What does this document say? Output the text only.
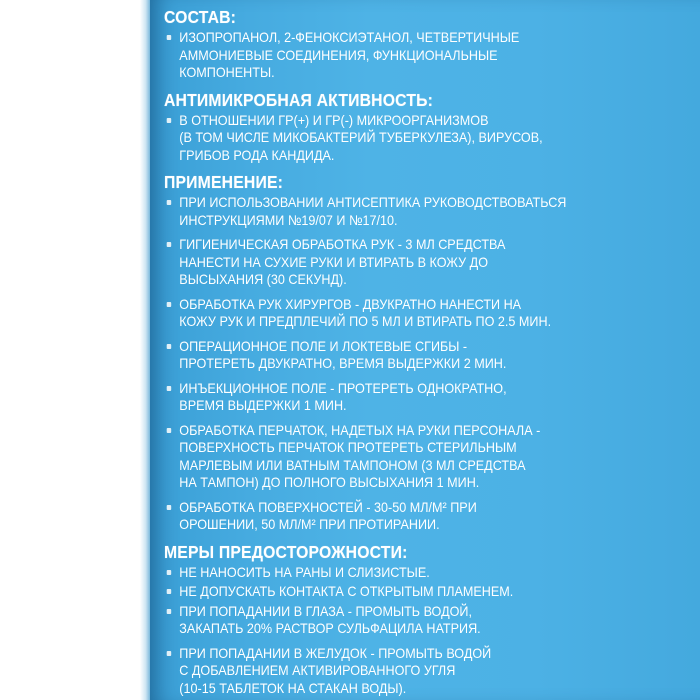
СОСТАВ:
ИЗОПРОПАНОЛ, 2-ФЕНОКСИЭТАНОЛ, ЧЕТВЕРТИЧНЫЕ
АММОНИЕВЫЕ СОЕДИНЕНИЯ, ФУНКЦИОНАЛЬНЫЕ
КОМПОНЕНТЫ.
АНТИМИКРОБНАЯ АКТИВНОСТЬ:
В ОТНОШЕНИИ ГР(+) И ГР(-) МИКРООРГАНИЗМОВ
(В ТОМ ЧИСЛЕ МИКОБАКТЕРИЙ ТУБЕРКУЛЕЗА), ВИРУСОВ,
ГРИБОВ РОДА КАНДИДА.
ПРИМЕНЕНИЕ:
ПРИ ИСПОЛЬЗОВАНИИ АНТИСЕПТИКА РУКОВОДСТВОВАТЬСЯ
ИНСТРУКЦИЯМИ №19/07 И №17/10.
ГИГИЕНИЧЕСКАЯ ОБРАБОТКА РУК - 3 МЛ СРЕДСТВА
НАНЕСТИ НА СУХИЕ РУКИ И ВТИРАТЬ В КОЖУ ДО
ВЫСЫХАНИЯ (30 СЕКУНД).
ОБРАБОТКА РУК ХИРУРГОВ - ДВУКРАТНО НАНЕСТИ НА
КОЖУ РУК И ПРЕДПЛЕЧИЙ ПО 5 МЛ И ВТИРАТЬ ПО 2.5 МИН.
ОПЕРАЦИОННОЕ ПОЛЕ И ЛОКТЕВЫЕ СГИБЫ -
ПРОТЕРЕТЬ ДВУКРАТНО, ВРЕМЯ ВЫДЕРЖКИ 2 МИН.
ИНЪЕКЦИОННОЕ ПОЛЕ - ПРОТЕРЕТЬ ОДНОКРАТНО,
ВРЕМЯ ВЫДЕРЖКИ 1 МИН.
ОБРАБОТКА ПЕРЧАТОК, НАДЕТЫХ НА РУКИ ПЕРСОНАЛА -
ПОВЕРХНОСТЬ ПЕРЧАТОК ПРОТЕРЕТЬ СТЕРИЛЬНЫМ
МАРЛЕВЫМ ИЛИ ВАТНЫМ ТАМПОНОМ (3 МЛ СРЕДСТВА
НА ТАМПОН) ДО ПОЛНОГО ВЫСЫХАНИЯ 1 МИН.
ОБРАБОТКА ПОВЕРХНОСТЕЙ - 30-50 МЛ/М² ПРИ
ОРОШЕНИИ, 50 МЛ/М² ПРИ ПРОТИРАНИИ.
МЕРЫ ПРЕДОСТОРОЖНОСТИ:
НЕ НАНОСИТЬ НА РАНЫ И СЛИЗИСТЫЕ.
НЕ ДОПУСКАТЬ КОНТАКТА С ОТКРЫТЫМ ПЛАМЕНЕМ.
ПРИ ПОПАДАНИИ В ГЛАЗА - ПРОМЫТЬ ВОДОЙ,
ЗАКАПАТЬ 20% РАСТВОР СУЛЬФАЦИЛА НАТРИЯ.
ПРИ ПОПАДАНИИ В ЖЕЛУДОК - ПРОМЫТЬ ВОДОЙ
С ДОБАВЛЕНИЕМ АКТИВИРОВАННОГО УГЛЯ
(10-15 ТАБЛЕТОК НА СТАКАН ВОДЫ).
